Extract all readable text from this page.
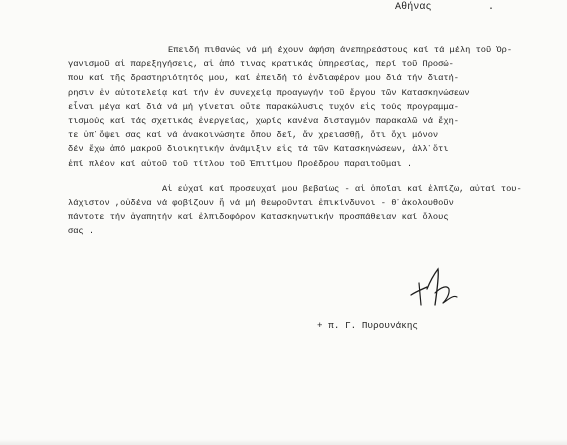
Αθήνας	.
Επειδή πιθανώς νά μή έχουν άφήση άνεπηρεάστους καί τά μέλη τοῦ Ὀρ-
γανισμοῦ αἱ παρεξηγήσεις, αἱ ἀπό τινας κρατικάς ὑπηρεσίας, περί τοῦ Προσώ-
που καί τῆς δραστηριότητός μου, καί ἐπειδή τό ἐνδιαφέρον μου διά τήν διατή-
ρησιν ἐν αὐτοτελείᾳ καί τήν ἐν συνεχείᾳ προαγωγήν τοῦ ἔργου τῶν Κατασκηνώσεων
εἶναι μέγα καί διά νά μή γίνεται οὔτε παρακώλυσις τυχόν εἰς τούς προγραμμα-
τισμούς καί τάς σχετικάς ἐνεργείας, χωρίς κανένα δισταγμόν παρακαλῶ νά ἔχη-
τε ὑπ᾽ὄψει σας καί νά ἀνακοινώσητε ὅπου δεῖ, ἄν χρειασθῇ, ὅτι ὄχι μόνον
δέν ἔχω ἀπό μακροῦ διοικητικήν ἀνάμιξιν εἰς τά τῶν Κατασκηνώσεων, ἀλλ᾽ὅτι
ἐπί πλέον καί αὐτοῦ τοῦ τίτλου τοῦ Ἐπιτίμου Προέδρου παραιτοῦμαι .
Αἱ εὐχαί καί προσευχαί μου βεβαίως - αἱ ὁποῖαι καί ἐλπίζω, αὐταί του-
λάχιστον ,οὐδένα νά φοβίζουν ἤ νά μή θεωροῦνται ἐπικίνδυνοι - θ᾽ἀκολουθοῦν
πάντοτε τήν ἀγαπητήν καί ἐλπιδοφόρον Κατασκηνωτικήν προσπάθειαν καί ὅλους
σας .
+ π. Γ. Πυρουνάκης
